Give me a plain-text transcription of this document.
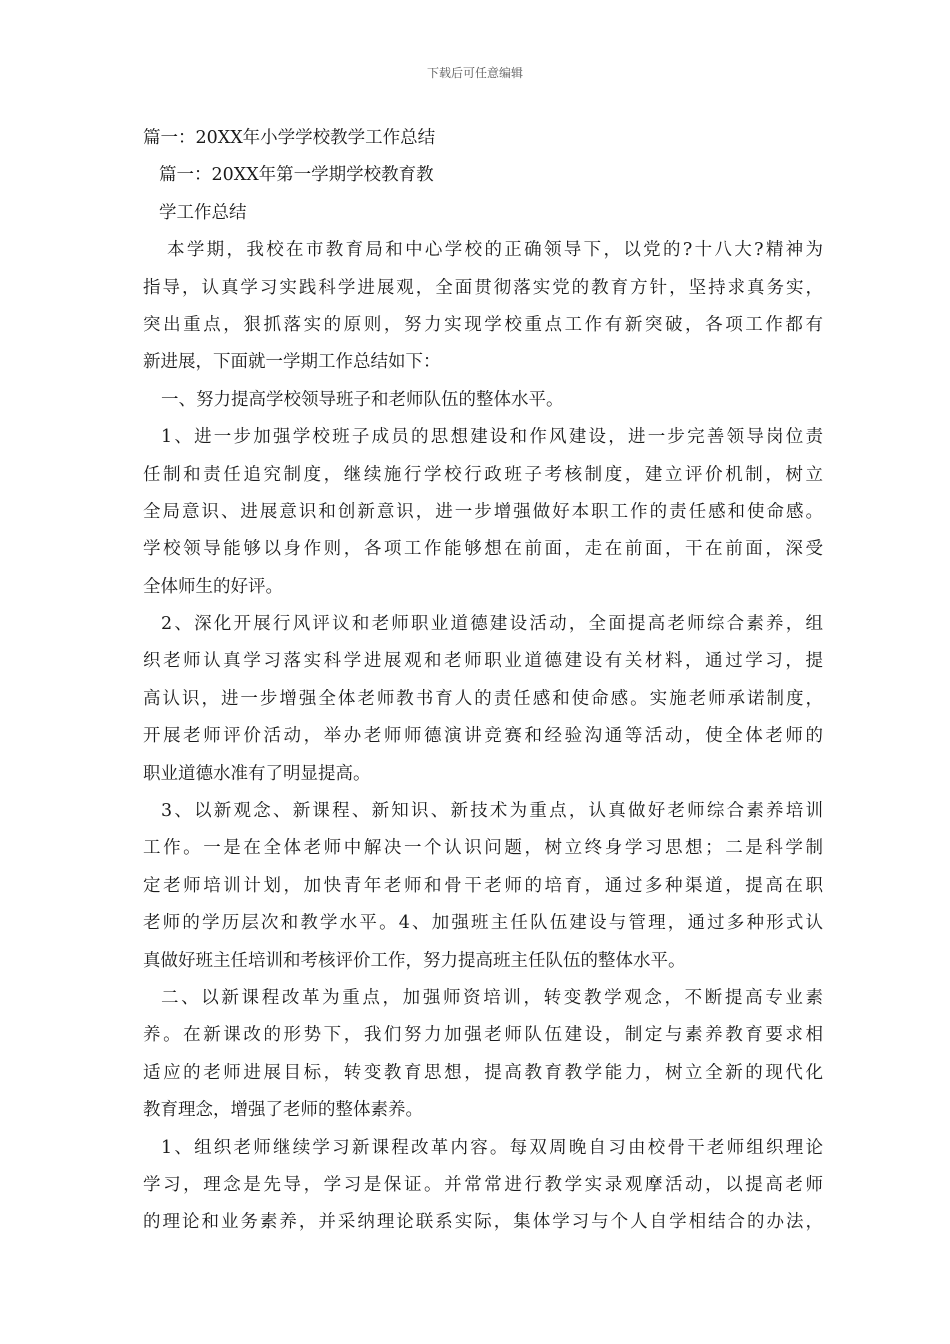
下载后可任意编辑
篇一：20XX年小学学校教学工作总结
篇一：20XX年第一学期学校教育教
学工作总结
本学期，我校在市教育局和中心学校的正确领导下，以党的?十八大?精神为
指导，认真学习实践科学进展观，全面贯彻落实党的教育方针，坚持求真务实，
突出重点，狠抓落实的原则，努力实现学校重点工作有新突破，各项工作都有
新进展，下面就一学期工作总结如下：
一、努力提高学校领导班子和老师队伍的整体水平。
1、进一步加强学校班子成员的思想建设和作风建设，进一步完善领导岗位责
任制和责任追究制度，继续施行学校行政班子考核制度，建立评价机制，树立
全局意识、进展意识和创新意识，进一步增强做好本职工作的责任感和使命感。
学校领导能够以身作则，各项工作能够想在前面，走在前面，干在前面，深受
全体师生的好评。
2、深化开展行风评议和老师职业道德建设活动，全面提高老师综合素养，组
织老师认真学习落实科学进展观和老师职业道德建设有关材料，通过学习，提
高认识，进一步增强全体老师教书育人的责任感和使命感。实施老师承诺制度，
开展老师评价活动，举办老师师德演讲竞赛和经验沟通等活动，使全体老师的
职业道德水准有了明显提高。
3、以新观念、新课程、新知识、新技术为重点，认真做好老师综合素养培训
工作。一是在全体老师中解决一个认识问题，树立终身学习思想；二是科学制
定老师培训计划，加快青年老师和骨干老师的培育，通过多种渠道，提高在职
老师的学历层次和教学水平。4、加强班主任队伍建设与管理，通过多种形式认
真做好班主任培训和考核评价工作，努力提高班主任队伍的整体水平。
二、以新课程改革为重点，加强师资培训，转变教学观念，不断提高专业素
养。在新课改的形势下，我们努力加强老师队伍建设，制定与素养教育要求相
适应的老师进展目标，转变教育思想，提高教育教学能力，树立全新的现代化
教育理念，增强了老师的整体素养。
1、组织老师继续学习新课程改革内容。每双周晚自习由校骨干老师组织理论
学习，理念是先导，学习是保证。并常常进行教学实录观摩活动，以提高老师
的理论和业务素养，并采纳理论联系实际，集体学习与个人自学相结合的办法，
